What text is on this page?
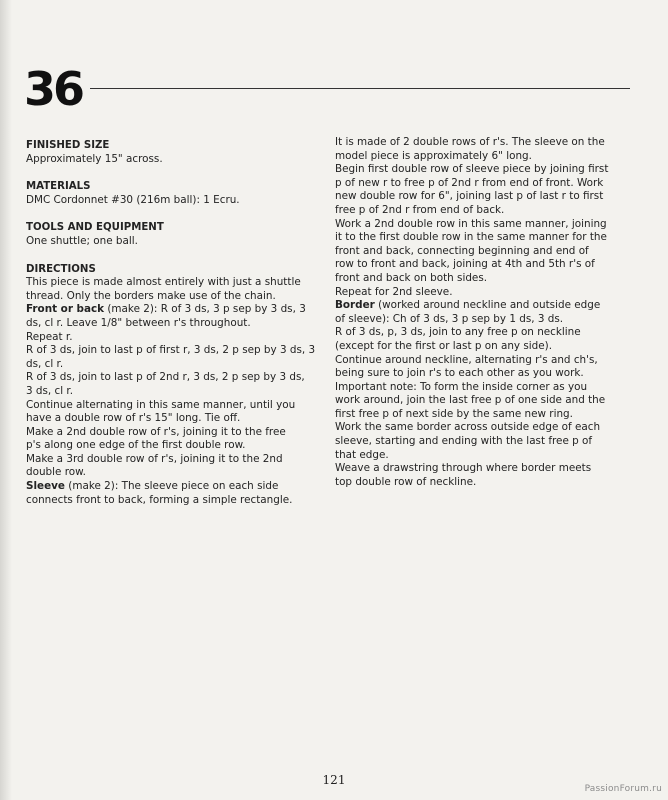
36
FINISHED SIZE
Approximately 15" across.
MATERIALS
DMC Cordonnet #30 (216m ball): 1 Ecru.
TOOLS AND EQUIPMENT
One shuttle; one ball.
DIRECTIONS
This piece is made almost entirely with just a shuttle
thread. Only the borders make use of the chain.
Front or back (make 2): R of 3 ds, 3 p sep by 3 ds, 3
ds, cl r. Leave 1/8" between r's throughout.
Repeat r.
R of 3 ds, join to last p of first r, 3 ds, 2 p sep by 3 ds, 3
ds, cl r.
R of 3 ds, join to last p of 2nd r, 3 ds, 2 p sep by 3 ds,
3 ds, cl r.
Continue alternating in this same manner, until you
have a double row of r's 15" long. Tie off.
Make a 2nd double row of r's, joining it to the free
p's along one edge of the first double row.
Make a 3rd double row of r's, joining it to the 2nd
double row.
Sleeve (make 2): The sleeve piece on each side
connects front to back, forming a simple rectangle.
It is made of 2 double rows of r's. The sleeve on the
model piece is approximately 6" long.
Begin first double row of sleeve piece by joining first
p of new r to free p of 2nd r from end of front. Work
new double row for 6", joining last p of last r to first
free p of 2nd r from end of back.
Work a 2nd double row in this same manner, joining
it to the first double row in the same manner for the
front and back, connecting beginning and end of
row to front and back, joining at 4th and 5th r's of
front and back on both sides.
Repeat for 2nd sleeve.
Border (worked around neckline and outside edge
of sleeve): Ch of 3 ds, 3 p sep by 1 ds, 3 ds.
R of 3 ds, p, 3 ds, join to any free p on neckline
(except for the first or last p on any side).
Continue around neckline, alternating r's and ch's,
being sure to join r's to each other as you work.
Important note: To form the inside corner as you
work around, join the last free p of one side and the
first free p of next side by the same new ring.
Work the same border across outside edge of each
sleeve, starting and ending with the last free p of
that edge.
Weave a drawstring through where border meets
top double row of neckline.
121
PassionForum.ru
